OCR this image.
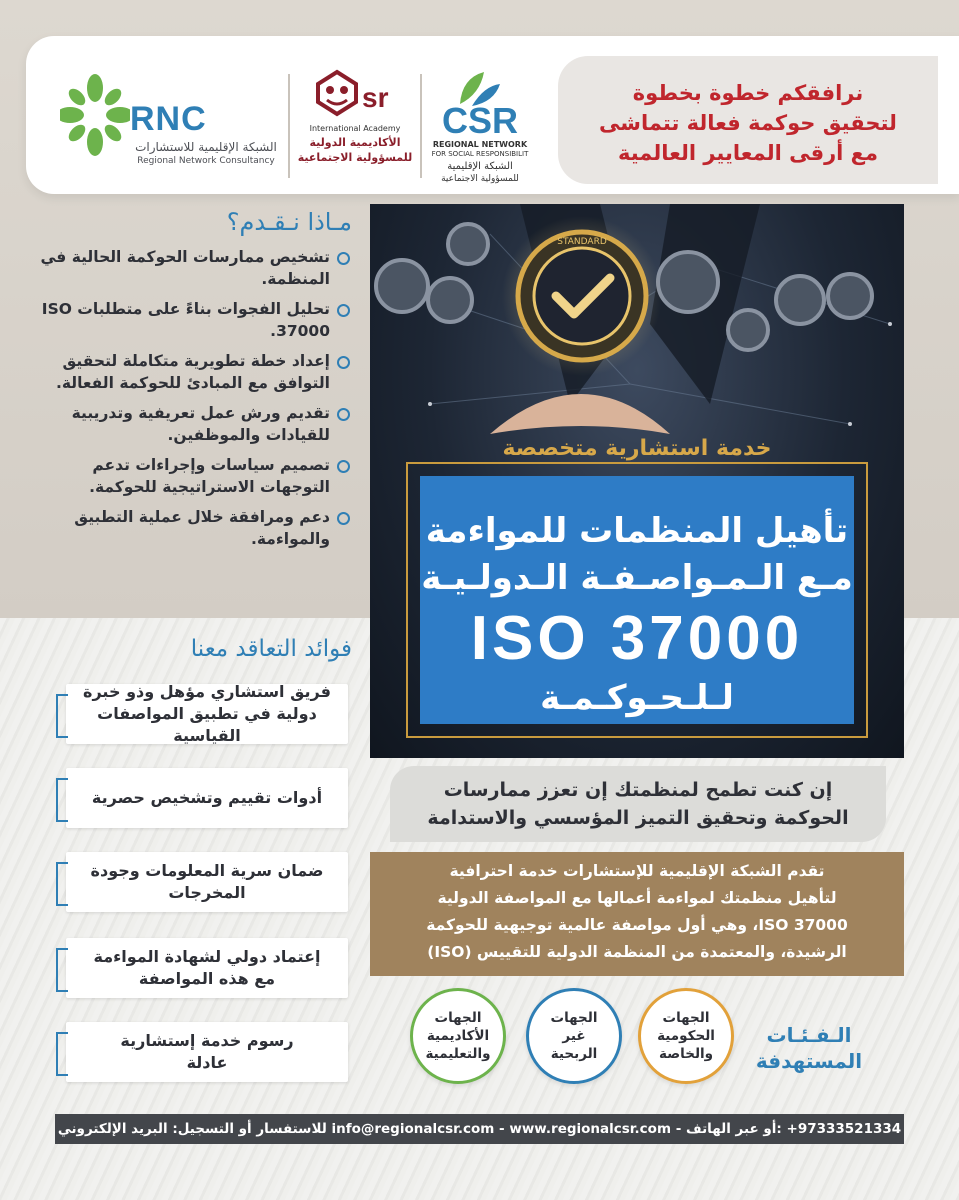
RNC
الشبكة الإقليمية للاستشارات
Regional Network Consultancy
sr
International Academy
الأكاديمية الدولية
للمسؤولية الاجتماعية
CSR
REGIONAL NETWORK
FOR SOCIAL RESPONSIBILIT
الشبكة الإقليمية
للمسؤولية الاجتماعية
نرافقكم خطوة بخطوة
لتحقيق حوكمة فعالة تتماشى
مع أرقى المعايير العالمية
مـاذا نـقـدم؟
تشخيص ممارسات الحوكمة الحالية في المنظمة.
تحليل الفجوات بناءً على متطلبات ISO 37000.
إعداد خطة تطويرية متكاملة لتحقيق التوافق مع المبادئ للحوكمة الفعالة.
تقديم ورش عمل تعريفية وتدريبية للقيادات والموظفين.
تصميم سياسات وإجراءات تدعم التوجهات الاستراتيجية للحوكمة.
دعم ومرافقة خلال عملية التطبيق والمواءمة.
STANDARD
خدمة استشارية متخصصة
تأهيل المنظمات للمواءمة
مـع الـمـواصـفـة الـدولـيـة
ISO 37000
لـلـحـوكـمـة
إن كنت تطمح لمنظمتك إن تعزز ممارسات
الحوكمة وتحقيق التميز المؤسسي والاستدامة
تقدم الشبكة الإقليمية للإستشارات خدمة احترافية
لتأهيل منظمتك لمواءمة أعمالها مع المواصفة الدولية
ISO 37000، وهي أول مواصفة عالمية توجيهية للحوكمة
الرشيدة، والمعتمدة من المنظمة الدولية للتقييس (ISO)
فوائد التعاقد معنا
فريق استشاري مؤهل وذو خبرة
دولية في تطبيق المواصفات القياسية
أدوات تقييم وتشخيص حصرية
ضمان سرية المعلومات وجودة
المخرجات
إعتماد دولي لشهادة المواءمة
مع هذه المواصفة
رسوم خدمة إستشارية
عادلة
الـفـئـات
المستهدفة
الجهات
الحكومية
والخاصة
الجهات
غير
الربحية
الجهات
الأكاديمية
والتعليمية
للاستفسار أو التسجيل: البريد الإلكتروني info@regionalcsr.com - www.regionalcsr.com - أو عبر الهاتف: +97333521334
